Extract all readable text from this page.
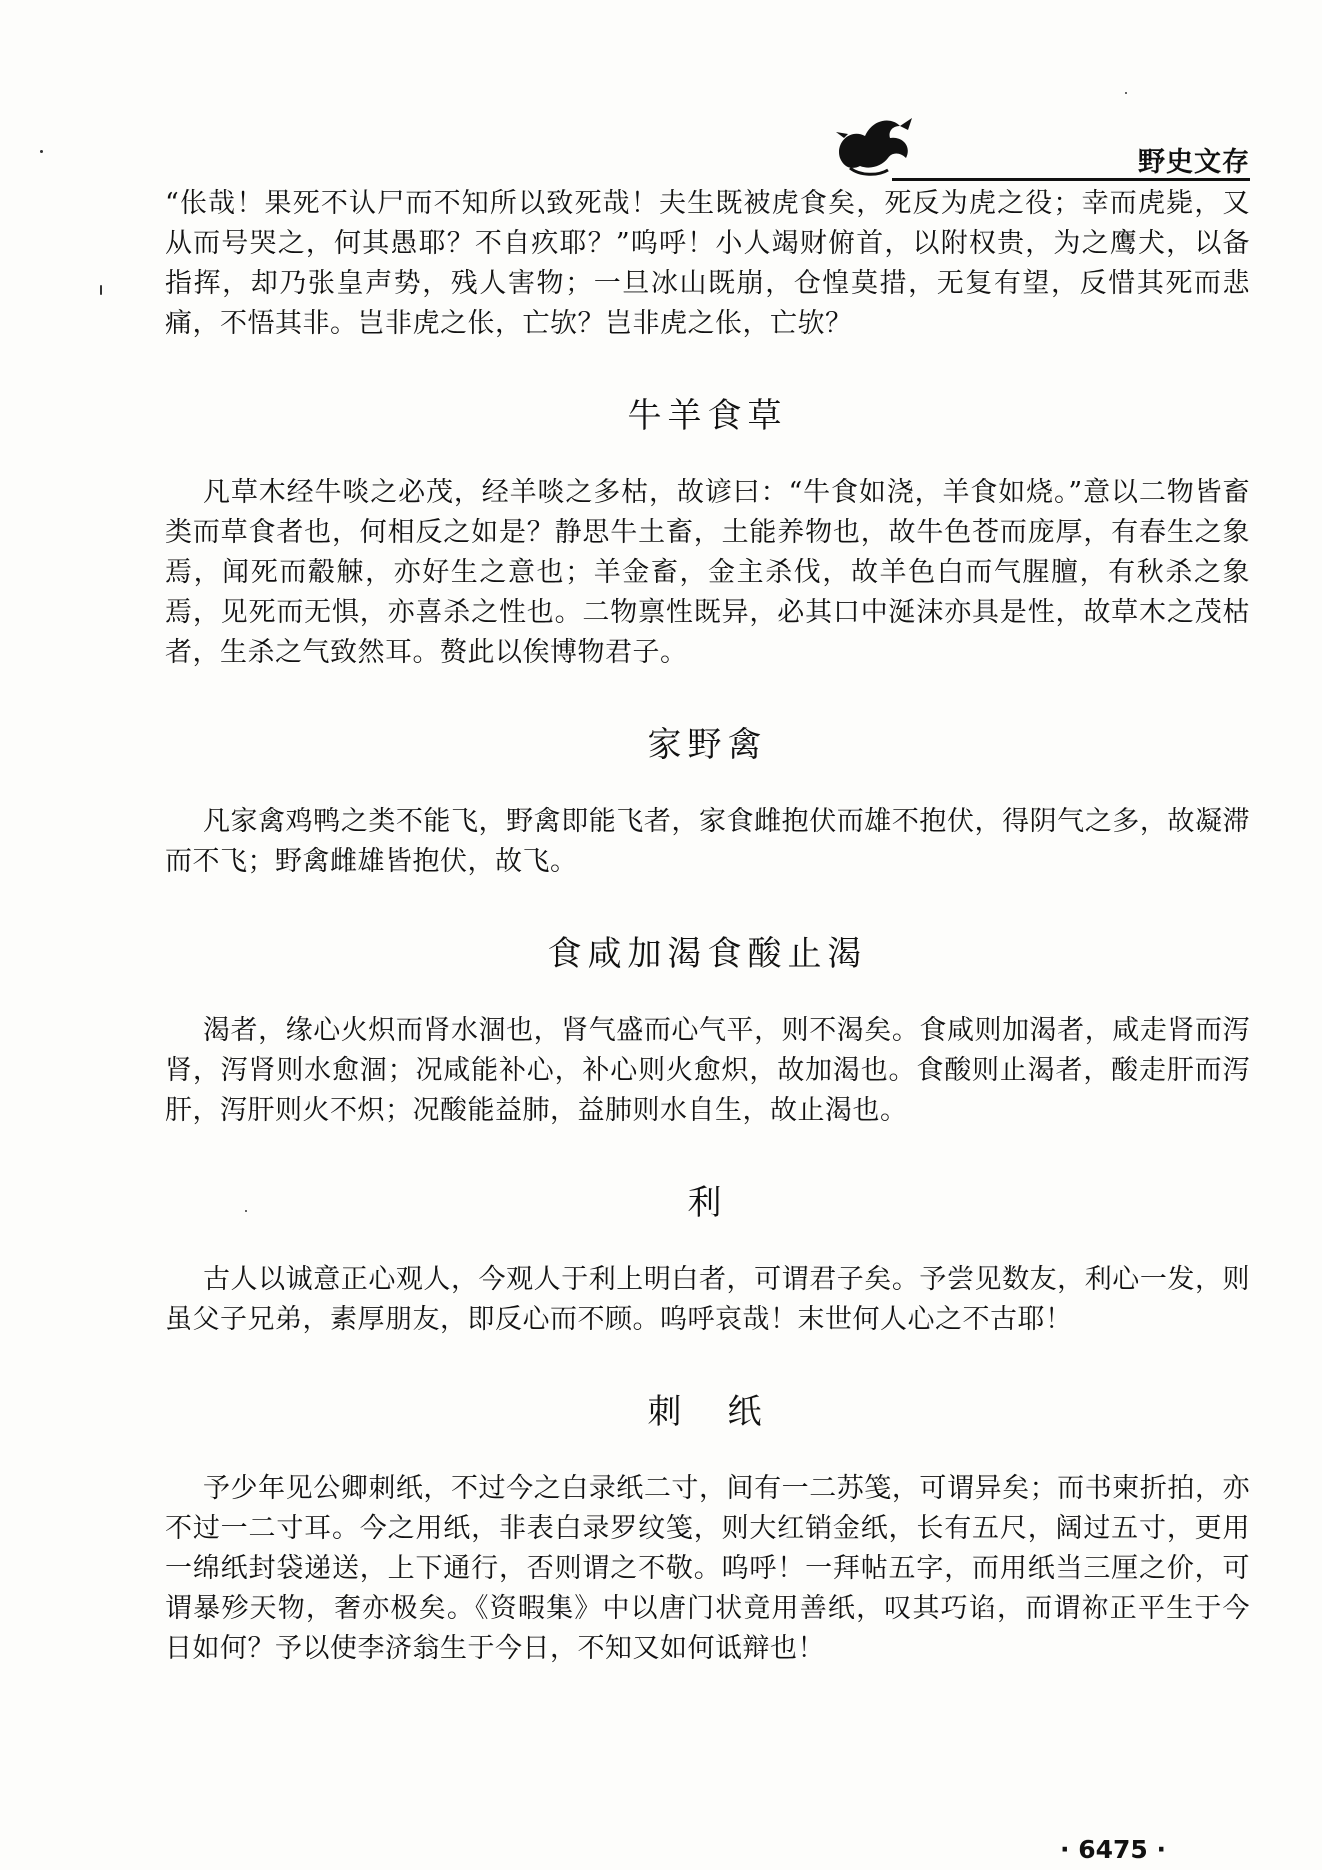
野史文存

“伥哉！果死不认尸而不知所以致死哉！夫生既被虎食矣，死反为虎之役；幸而虎毙，又从而号哭之，何其愚耶？不自疚耶？”呜呼！小人竭财俯首，以附权贵，为之鹰犬，以备指挥，却乃张皇声势，残人害物；一旦冰山既崩，仓惶莫措，无复有望，反惜其死而悲痛，不悟其非。岂非虎之伥，亡欤？岂非虎之伥，亡欤？

牛羊食草

凡草木经牛啖之必茂，经羊啖之多枯，故谚曰：“牛食如浇，羊食如烧。”意以二物皆畜类而草食者也，何相反之如是？静思牛土畜，土能养物也，故牛色苍而庞厚，有春生之象焉，闻死而觳觫，亦好生之意也；羊金畜，金主杀伐，故羊色白而气腥膻，有秋杀之象焉，见死而无惧，亦喜杀之性也。二物禀性既异，必其口中涎沫亦具是性，故草木之茂枯者，生杀之气致然耳。赘此以俟博物君子。

家野禽

凡家禽鸡鸭之类不能飞，野禽即能飞者，家食雌抱伏而雄不抱伏，得阴气之多，故凝滞而不飞；野禽雌雄皆抱伏，故飞。

食咸加渴食酸止渴

渴者，缘心火炽而肾水涸也，肾气盛而心气平，则不渴矣。食咸则加渴者，咸走肾而泻肾，泻肾则水愈涸；况咸能补心，补心则火愈炽，故加渴也。食酸则止渴者，酸走肝而泻肝，泻肝则火不炽；况酸能益肺，益肺则水自生，故止渴也。

利

古人以诚意正心观人，今观人于利上明白者，可谓君子矣。予尝见数友，利心一发，则虽父子兄弟，素厚朋友，即反心而不顾。呜呼哀哉！末世何人心之不古耶！

刺　纸

予少年见公卿刺纸，不过今之白录纸二寸，间有一二苏笺，可谓异矣；而书柬折拍，亦不过一二寸耳。今之用纸，非表白录罗纹笺，则大红销金纸，长有五尺，阔过五寸，更用一绵纸封袋递送，上下通行，否则谓之不敬。呜呼！一拜帖五字，而用纸当三厘之价，可谓暴殄天物，奢亦极矣。《资暇集》中以唐门状竟用善纸，叹其巧谄，而谓祢正平生于今日如何？予以使李济翁生于今日，不知又如何诋辩也！

· 6475 ·
